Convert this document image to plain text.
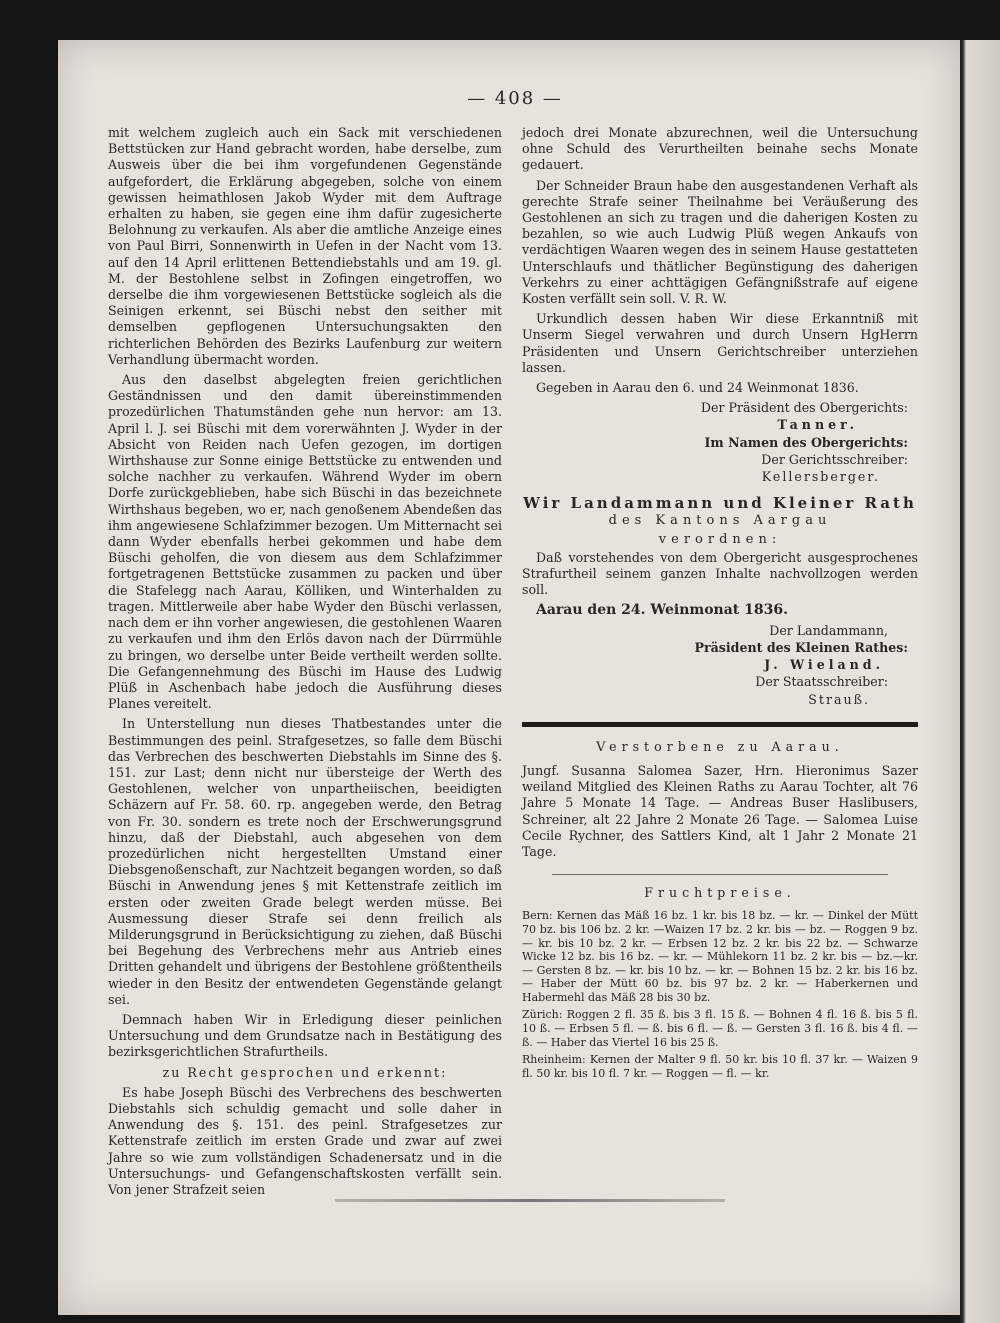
— 408 —

mit welchem zugleich auch ein Sack mit verschiedenen Bettstücken zur Hand gebracht worden, habe derselbe, zum Ausweis über die bei ihm vorgefundenen Gegenstände aufgefordert, die Erklärung abgegeben, solche von einem gewissen heimathlosen Jakob Wyder mit dem Auftrage erhalten zu haben, sie gegen eine ihm dafür zugesicherte Belohnung zu verkaufen. Als aber die amtliche Anzeige eines von Paul Birri, Sonnenwirth in Uefen in der Nacht vom 13. auf den 14 April erlittenen Bettendiebstahls und am 19. gl. M. der Bestohlene selbst in Zofingen eingetroffen, wo derselbe die ihm vorgewiesenen Bettstücke sogleich als die Seinigen erkennt, sei Büschi nebst den seither mit demselben gepflogenen Untersuchungsakten den richterlichen Behörden des Bezirks Laufenburg zur weitern Verhandlung übermacht worden.

Aus den daselbst abgelegten freien gerichtlichen Geständnissen und den damit übereinstimmenden prozedürlichen Thatumständen gehe nun hervor: am 13. April l. J. sei Büschi mit dem vorerwähnten J. Wyder in der Absicht von Reiden nach Uefen gezogen, im dortigen Wirthshause zur Sonne einige Bettstücke zu entwenden und solche nachher zu verkaufen. Während Wyder im obern Dorfe zurückgeblieben, habe sich Büschi in das bezeichnete Wirthshaus begeben, wo er, nach genoßenem Abendeßen das ihm angewiesene Schlafzimmer bezogen. Um Mitternacht sei dann Wyder ebenfalls herbei gekommen und habe dem Büschi geholfen, die von diesem aus dem Schlafzimmer fortgetragenen Bettstücke zusammen zu packen und über die Stafelegg nach Aarau, Kölliken, und Winterhalden zu tragen. Mittlerweile aber habe Wyder den Büschi verlassen, nach dem er ihn vorher angewiesen, die gestohlenen Waaren zu verkaufen und ihm den Erlös davon nach der Dürrmühle zu bringen, wo derselbe unter Beide vertheilt werden sollte. Die Gefangennehmung des Büschi im Hause des Ludwig Plüß in Aschenbach habe jedoch die Ausführung dieses Planes vereitelt.

In Unterstellung nun dieses Thatbestandes unter die Bestimmungen des peinl. Strafgesetzes, so falle dem Büschi das Verbrechen des beschwerten Diebstahls im Sinne des §. 151. zur Last; denn nicht nur übersteige der Werth des Gestohlenen, welcher von unpartheiischen, beeidigten Schäzern auf Fr. 58. 60. rp. angegeben werde, den Betrag von Fr. 30. sondern es trete noch der Erschwerungsgrund hinzu, daß der Diebstahl, auch abgesehen von dem prozedürlichen nicht hergestellten Umstand einer Diebsgenoßenschaft, zur Nachtzeit begangen worden, so daß Büschi in Anwendung jenes § mit Kettenstrafe zeitlich im ersten oder zweiten Grade belegt werden müsse. Bei Ausmessung dieser Strafe sei denn freilich als Milderungsgrund in Berücksichtigung zu ziehen, daß Büschi bei Begehung des Verbrechens mehr aus Antrieb eines Dritten gehandelt und übrigens der Bestohlene größtentheils wieder in den Besitz der entwendeten Gegenstände gelangt sei.

Demnach haben Wir in Erledigung dieser peinlichen Untersuchung und dem Grundsatze nach in Bestätigung des bezirksgerichtlichen Strafurtheils.

zu Recht gesprochen und erkennt:

Es habe Joseph Büschi des Verbrechens des beschwerten Diebstahls sich schuldig gemacht und solle daher in Anwendung des §. 151. des peinl. Strafgesetzes zur Kettenstrafe zeitlich im ersten Grade und zwar auf zwei Jahre so wie zum vollständigen Schadenersatz und in die Untersuchungs- und Gefangenschaftskosten verfällt sein. Von jener Strafzeit seien

jedoch drei Monate abzurechnen, weil die Untersuchung ohne Schuld des Verurtheilten beinahe sechs Monate gedauert.

Der Schneider Braun habe den ausgestandenen Verhaft als gerechte Strafe seiner Theilnahme bei Veräußerung des Gestohlenen an sich zu tragen und die daherigen Kosten zu bezahlen, so wie auch Ludwig Plüß wegen Ankaufs von verdächtigen Waaren wegen des in seinem Hause gestatteten Unterschlaufs und thätlicher Begünstigung des daherigen Verkehrs zu einer achttägigen Gefängnißstrafe auf eigene Kosten verfällt sein soll. V. R. W.

Urkundlich dessen haben Wir diese Erkanntniß mit Unserm Siegel verwahren und durch Unsern HgHerrn Präsidenten und Unsern Gerichtschreiber unterziehen lassen.

Gegeben in Aarau den 6. und 24 Weinmonat 1836.

Der Präsident des Obergerichts:

Tanner.

Im Namen des Obergerichts:

Der Gerichtsschreiber:

Kellersberger.

Wir Landammann und Kleiner Rath

des Kantons Aargau

verordnen:

Daß vorstehendes von dem Obergericht ausgesprochenes Strafurtheil seinem ganzen Inhalte nachvollzogen werden soll.

Aarau den 24. Weinmonat 1836.

Der Landammann,

Präsident des Kleinen Rathes:

J. Wieland.

Der Staatsschreiber:

Strauß.

Verstorbene zu Aarau.

Jungf. Susanna Salomea Sazer, Hrn. Hieronimus Sazer weiland Mitglied des Kleinen Raths zu Aarau Tochter, alt 76 Jahre 5 Monate 14 Tage. — Andreas Buser Haslibusers, Schreiner, alt 22 Jahre 2 Monate 26 Tage. — Salomea Luise Cecile Rychner, des Sattlers Kind, alt 1 Jahr 2 Monate 21 Tage.

Fruchtpreise.

Bern: Kernen das Mäß 16 bz. 1 kr. bis 18 bz. — kr. — Dinkel der Mütt 70 bz. bis 106 bz. 2 kr. —Waizen 17 bz. 2 kr. bis — bz. — Roggen 9 bz. — kr. bis 10 bz. 2 kr. — Erbsen 12 bz. 2 kr. bis 22 bz. — Schwarze Wicke 12 bz. bis 16 bz. — kr. — Mühlekorn 11 bz. 2 kr. bis — bz.—kr. — Gersten 8 bz. — kr. bis 10 bz. — kr. — Bohnen 15 bz. 2 kr. bis 16 bz. — Haber der Mütt 60 bz. bis 97 bz. 2 kr. — Haberkernen und Habermehl das Mäß 28 bis 30 bz.

Zürich: Roggen 2 fl. 35 ß. bis 3 fl. 15 ß. — Bohnen 4 fl. 16 ß. bis 5 fl. 10 ß. — Erbsen 5 fl. — ß. bis 6 fl. — ß. — Gersten 3 fl. 16 ß. bis 4 fl. — ß. — Haber das Viertel 16 bis 25 ß.

Rheinheim: Kernen der Malter 9 fl. 50 kr. bis 10 fl. 37 kr. — Waizen 9 fl. 50 kr. bis 10 fl. 7 kr. — Roggen — fl. — kr.
